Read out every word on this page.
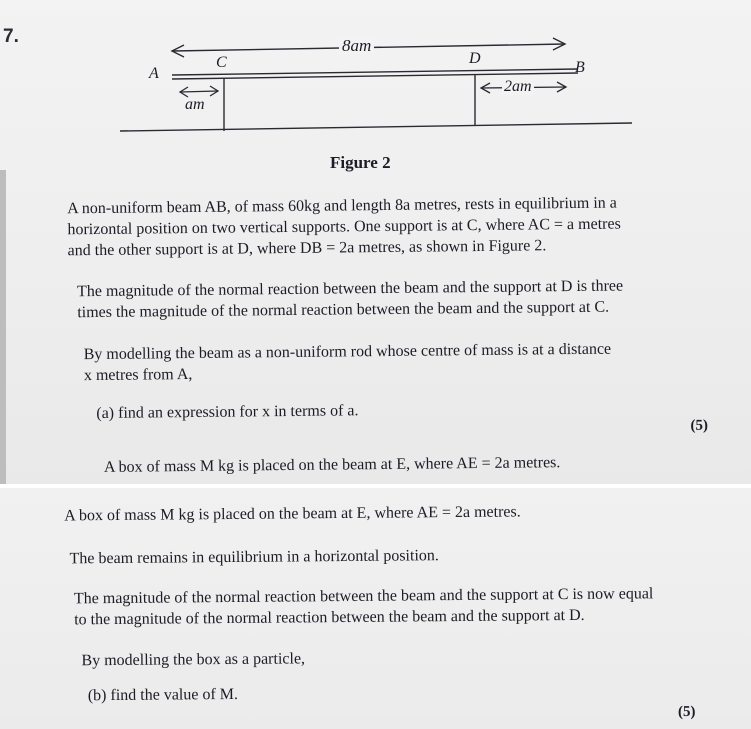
7.	8am
A	B
C	D
am
2am
Figure 2
A non-uniform beam AB, of mass 60kg and length 8a metres, rests in equilibrium in a
horizontal position on two vertical supports. One support is at C, where AC = a metres
and the other support is at D, where DB = 2a metres, as shown in Figure 2.
The magnitude of the normal reaction between the beam and the support at D is three
times the magnitude of the normal reaction between the beam and the support at C.
By modelling the beam as a non-uniform rod whose centre of mass is at a distance
x metres from A,
(a) find an expression for x in terms of a.
(5)
A box of mass M kg is placed on the beam at E, where AE = 2a metres.
A box of mass M kg is placed on the beam at E, where AE = 2a metres.
The beam remains in equilibrium in a horizontal position.
The magnitude of the normal reaction between the beam and the support at C is now equal
to the magnitude of the normal reaction between the beam and the support at D.
By modelling the box as a particle,
(b) find the value of M.
(5)
